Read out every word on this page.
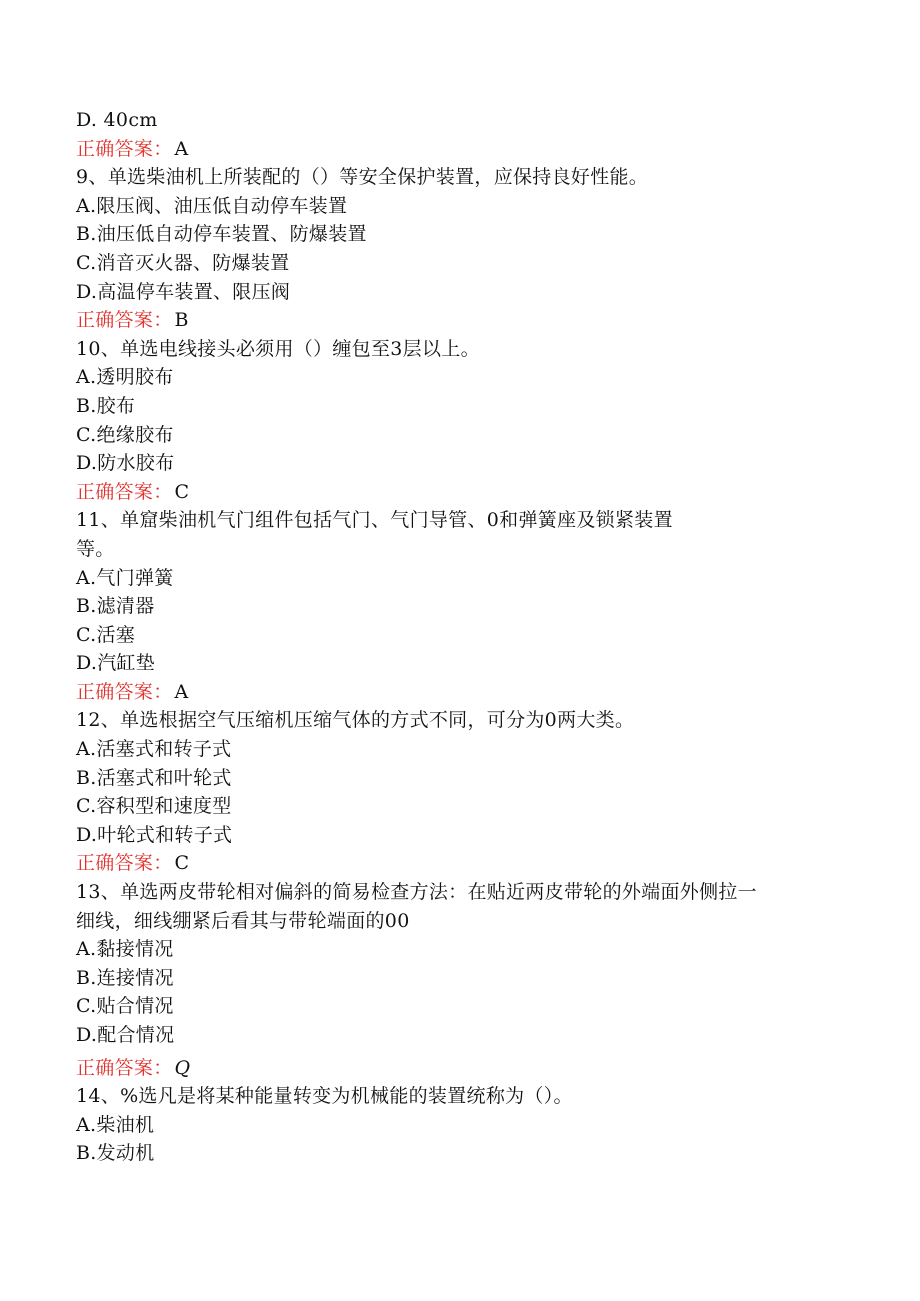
D. 40cm
正确答案： A
9、单选柴油机上所装配的（）等安全保护装置，应保持良好性能。
A.限压阀、油压低自动停车装置
B.油压低自动停车装置、防爆装置
C.消音灭火器、防爆装置
D.高温停车装置、限压阀
正确答案： B
10、单选电线接头必须用（）缠包至3层以上。
A.透明胶布
B.胶布
C.绝缘胶布
D.防水胶布
正确答案： C
11、单窟柴油机气门组件包括气门、气门导管、0和弹簧座及锁紧装置
等。
A.气门弹簧
B.滤清器
C.活塞
D.汽缸垫
正确答案： A
12、单选根据空气压缩机压缩气体的方式不同，可分为0两大类。
A.活塞式和转子式
B.活塞式和叶轮式
C.容积型和速度型
D.叶轮式和转子式
正确答案： C
13、单选两皮带轮相对偏斜的简易检查方法：在贴近两皮带轮的外端面外侧拉一
细线，细线绷紧后看其与带轮端面的00
A.黏接情况
B.连接情况
C.贴合情况
D.配合情况
正确答案： Q
14、%选凡是将某种能量转变为机械能的装置统称为（）。
A.柴油机
B.发动机
